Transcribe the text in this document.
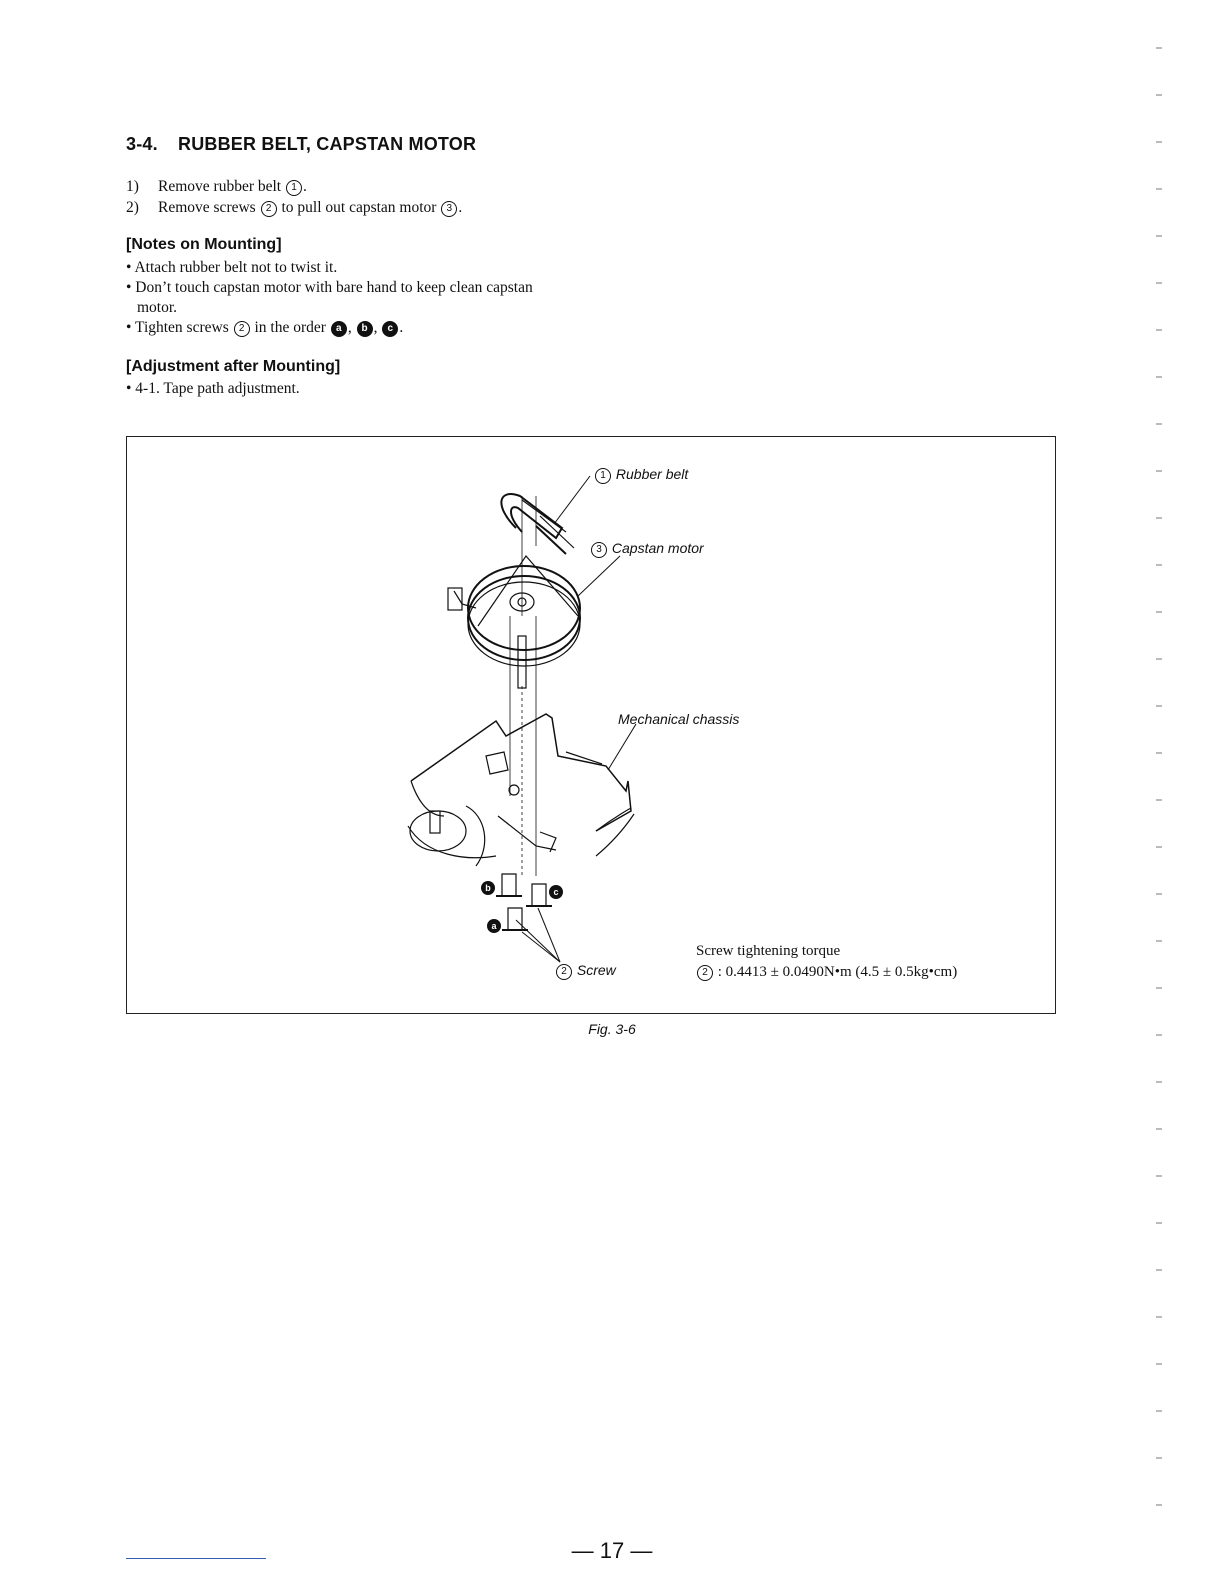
3-4. RUBBER BELT, CAPSTAN MOTOR
1)	Remove rubber belt 1 .
2)	Remove screws 2 to pull out capstan motor 3 .
[Notes on Mounting]
• Attach rubber belt not to twist it.
• Don’t touch capstan motor with bare hand to keep clean capstan
motor.
• Tighten screws 2 in the order a , b , c .
[Adjustment after Mounting]
• 4-1. Tape path adjustment.
b	c
a
1 Rubber belt
3 Capstan motor
Mechanical chassis
2 Screw
Screw tightening torque
2 : 0.4413 ± 0.0490N•m (4.5 ± 0.5kg•cm)
Fig. 3-6
— 17 —
